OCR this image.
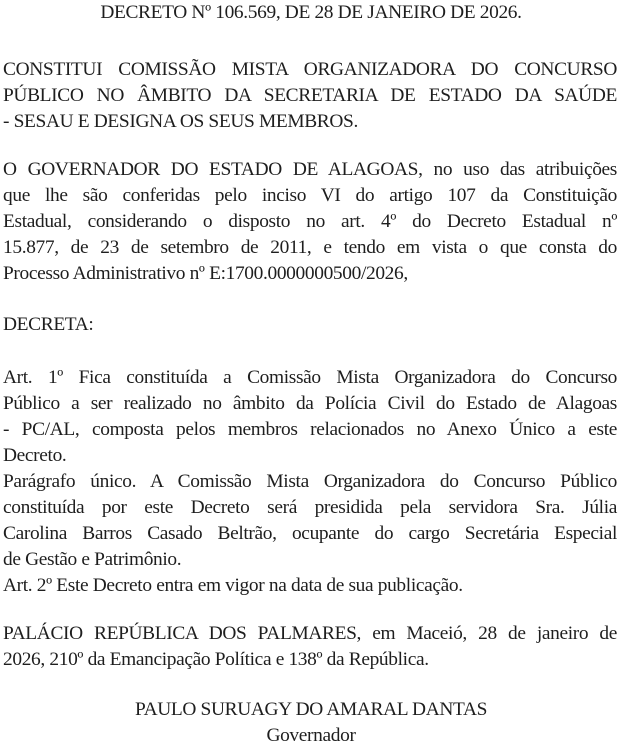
DECRETO Nº 106.569, DE 28 DE JANEIRO DE 2026.
CONSTITUI COMISSÃO MISTA ORGANIZADORA DO CONCURSO
PÚBLICO NO ÂMBITO DA SECRETARIA DE ESTADO DA SAÚDE
- SESAU E DESIGNA OS SEUS MEMBROS.
O GOVERNADOR DO ESTADO DE ALAGOAS, no uso das atribuições
que lhe são conferidas pelo inciso VI do artigo 107 da Constituição
Estadual, considerando o disposto no art. 4º do Decreto Estadual nº
15.877, de 23 de setembro de 2011, e tendo em vista o que consta do
Processo Administrativo nº E:1700.0000000500/2026,
DECRETA:
Art. 1º Fica constituída a Comissão Mista Organizadora do Concurso
Público a ser realizado no âmbito da Polícia Civil do Estado de Alagoas
- PC/AL, composta pelos membros relacionados no Anexo Único a este
Decreto.
Parágrafo único. A Comissão Mista Organizadora do Concurso Público
constituída por este Decreto será presidida pela servidora Sra. Júlia
Carolina Barros Casado Beltrão, ocupante do cargo Secretária Especial
de Gestão e Patrimônio.
Art. 2º Este Decreto entra em vigor na data de sua publicação.
PALÁCIO REPÚBLICA DOS PALMARES, em Maceió, 28 de janeiro de
2026, 210º da Emancipação Política e 138º da República.
PAULO SURUAGY DO AMARAL DANTAS
Governador
